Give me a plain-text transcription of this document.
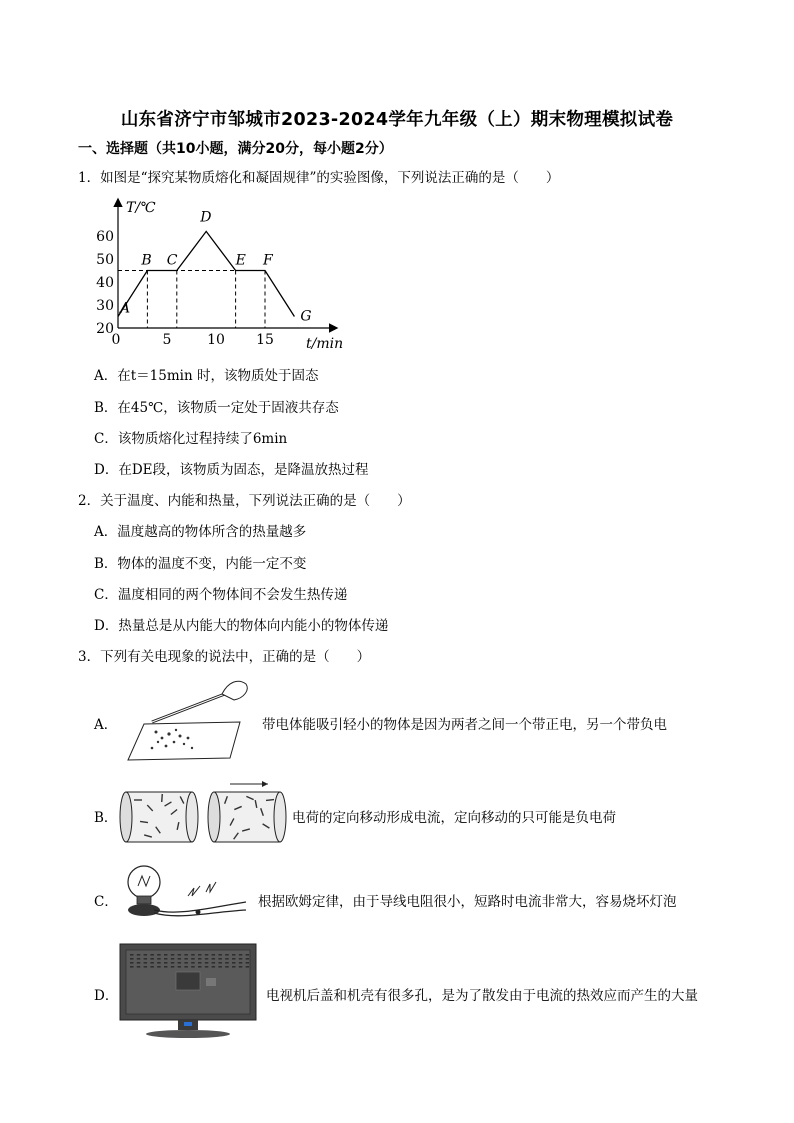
山东省济宁市邹城市2023-2024学年九年级（上）期末物理模拟试卷
一、选择题（共10小题，满分20分，每小题2分）
1．如图是“探究某物质熔化和凝固规律”的实验图像，下列说法正确的是（　　）
20
30
40
50
60
0	5	10 15
A
B C
D
E F
G
T/℃
t/min
A．在t＝15min 时，该物质处于固态
B．在45℃，该物质一定处于固液共存态
C．该物质熔化过程持续了6min
D．在DE段，该物质为固态，是降温放热过程
2．关于温度、内能和热量，下列说法正确的是（　　）
A．温度越高的物体所含的热量越多
B．物体的温度不变，内能一定不变
C．温度相同的两个物体间不会发生热传递
D．热量总是从内能大的物体向内能小的物体传递
3．下列有关电现象的说法中，正确的是（　　）
A．	带电体能吸引轻小的物体是因为两者之间一个带正电，另一个带负电
B．	电荷的定向移动形成电流，定向移动的只可能是负电荷
C．	根据欧姆定律，由于导线电阻很小，短路时电流非常大，容易烧坏灯泡
D．	电视机后盖和机壳有很多孔，是为了散发由于电流的热效应而产生的大量
